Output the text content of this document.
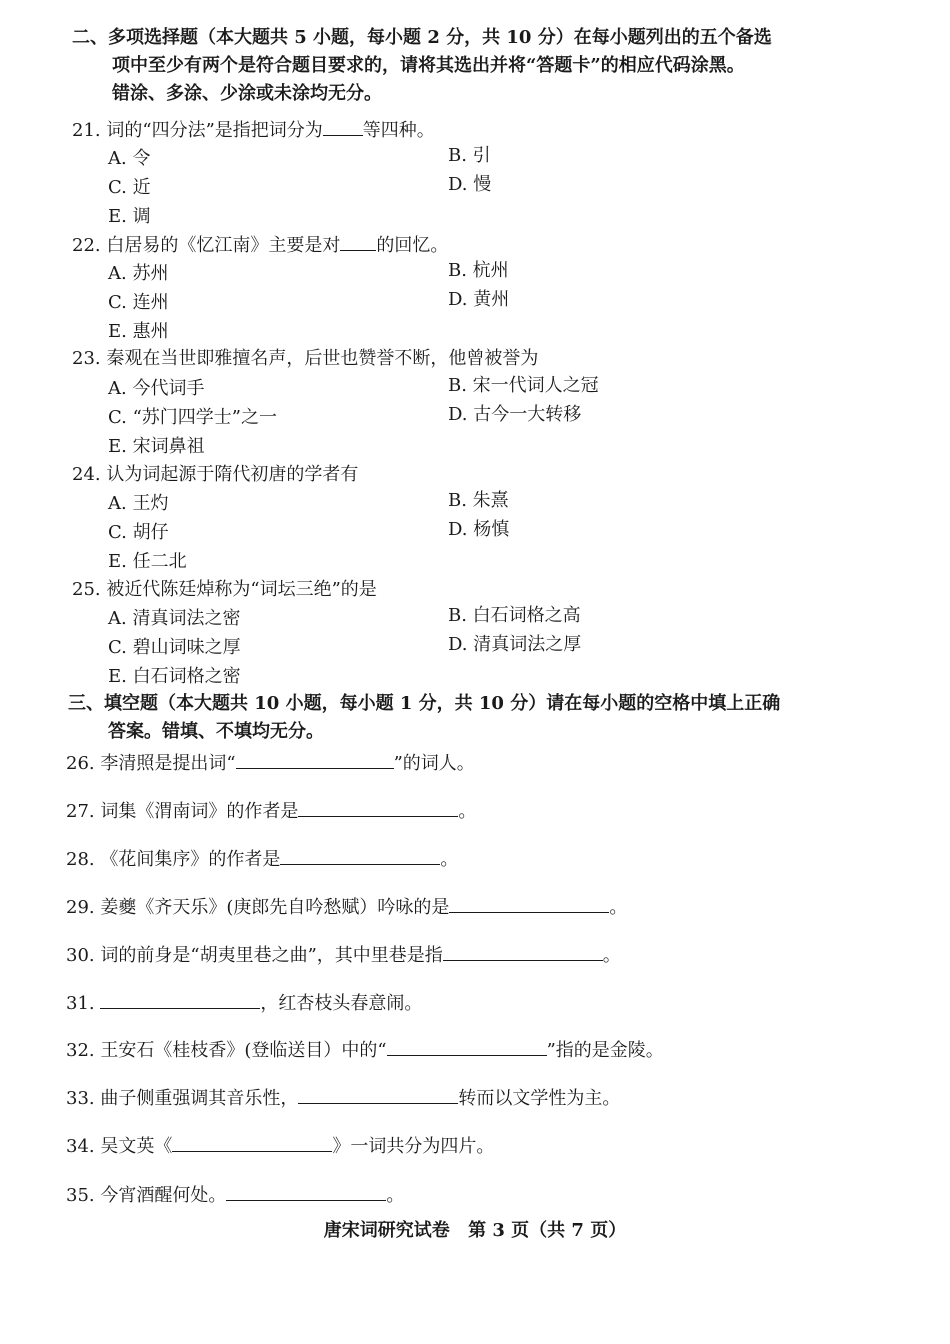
二、多项选择题（本大题共 5 小题，每小题 2 分，共 10 分）在每小题列出的五个备选
项中至少有两个是符合题目要求的，请将其选出并将“答题卡”的相应代码涂黑。
错涂、多涂、少涂或未涂均无分。
21. 词的“四分法”是指把词分为 等四种。
A. 令	B. 引
C. 近	D. 慢
E. 调
22. 白居易的《忆江南》主要是对 的回忆。
A. 苏州	B. 杭州
C. 连州	D. 黄州
E. 惠州
23. 秦观在当世即雅擅名声，后世也赞誉不断，他曾被誉为
A. 今代词手	B. 宋一代词人之冠
C. “苏门四学士”之一	D. 古今一大转移
E. 宋词鼻祖
24. 认为词起源于隋代初唐的学者有
A. 王灼	B. 朱熹
C. 胡仔	D. 杨慎
E. 任二北
25. 被近代陈廷焯称为“词坛三绝”的是
A. 清真词法之密	B. 白石词格之高
C. 碧山词味之厚	D. 清真词法之厚
E. 白石词格之密
三、填空题（本大题共 10 小题，每小题 1 分，共 10 分）请在每小题的空格中填上正确
答案。错填、不填均无分。
26. 李清照是提出词“	”的词人。
27. 词集《渭南词》的作者是	。
28. 《花间集序》的作者是	。
29. 姜夔《齐天乐》(庚郎先自吟愁赋）吟咏的是	。
30. 词的前身是“胡夷里巷之曲”，其中里巷是指	。
31.	，红杏枝头春意闹。
32. 王安石《桂枝香》(登临送目）中的“	”指的是金陵。
33. 曲子侧重强调其音乐性，	转而以文学性为主。
34. 吴文英《	》一词共分为四片。
35. 今宵酒醒何处。	。
唐宋词研究试卷 第 3 页（共 7 页）
